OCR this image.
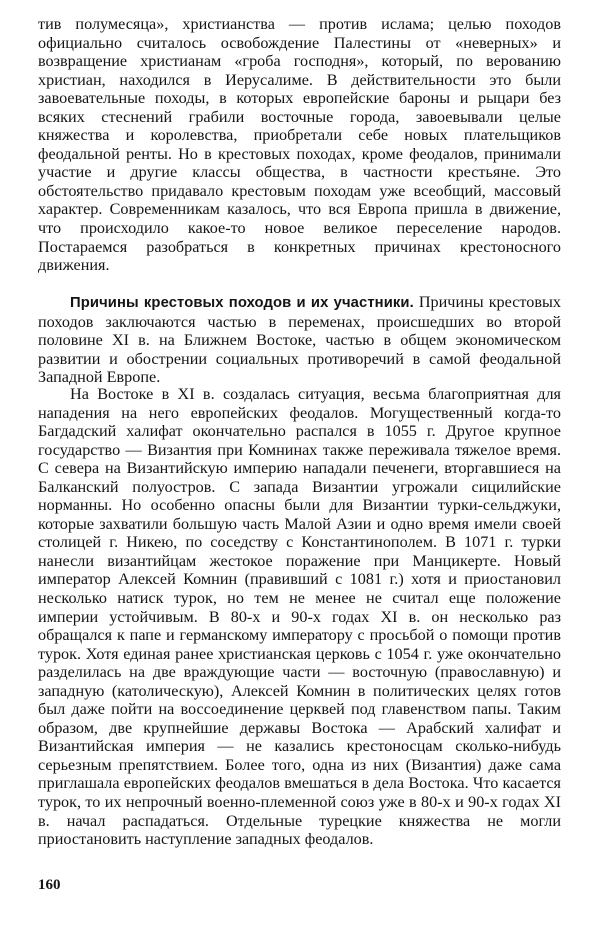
тив полумесяца», христианства — против ислама; целью походов официально считалось освобождение Палестины от «неверных» и возвращение христианам «гроба господня», который, по верованию христиан, находился в Иерусалиме. В действительности это были завоевательные походы, в которых европейские бароны и рыцари без всяких стеснений грабили восточные города, завоевывали целые княжества и королевства, приобретали себе новых плательщиков феодальной ренты. Но в крестовых походах, кроме феодалов, принимали участие и другие классы общества, в частности крестьяне. Это обстоятельство придавало крестовым походам уже всеобщий, массовый характер. Современникам казалось, что вся Европа пришла в движение, что происходило какое-то новое великое переселение народов. Постараемся разобраться в конкретных причинах крестоносного движения.

Причины крестовых походов и их участники. Причины крестовых походов заключаются частью в переменах, происшедших во второй половине XI в. на Ближнем Востоке, частью в общем экономическом развитии и обострении социальных противоречий в самой феодальной Западной Европе.

На Востоке в XI в. создалась ситуация, весьма благоприятная для нападения на него европейских феодалов. Могущественный когда-то Багдадский халифат окончательно распался в 1055 г. Другое крупное государство — Византия при Комнинах также переживала тяжелое время. С севера на Византийскую империю нападали печенеги, вторгавшиеся на Балканский полуостров. С запада Византии угрожали сицилийские норманны. Но особенно опасны были для Византии турки-сельджуки, которые захватили большую часть Малой Азии и одно время имели своей столицей г. Никею, по соседству с Константинополем. В 1071 г. турки нанесли византийцам жестокое поражение при Манцикерте. Новый император Алексей Комнин (правивший с 1081 г.) хотя и приостановил несколько натиск турок, но тем не менее не считал еще положение империи устойчивым. В 80-х и 90-х годах XI в. он несколько раз обращался к папе и германскому императору с просьбой о помощи против турок. Хотя единая ранее христианская церковь с 1054 г. уже окончательно разделилась на две враждующие части — восточную (православную) и западную (католическую), Алексей Комнин в политических целях готов был даже пойти на воссоединение церквей под главенством папы. Таким образом, две крупнейшие державы Востока — Арабский халифат и Византийская империя — не казались крестоносцам сколько-нибудь серьезным препятствием. Более того, одна из них (Византия) даже сама приглашала европейских феодалов вмешаться в дела Востока. Что касается турок, то их непрочный военно-племенной союз уже в 80-х и 90-х годах XI в. начал распадаться. Отдельные турецкие княжества не могли приостановить наступление западных феодалов.

160
